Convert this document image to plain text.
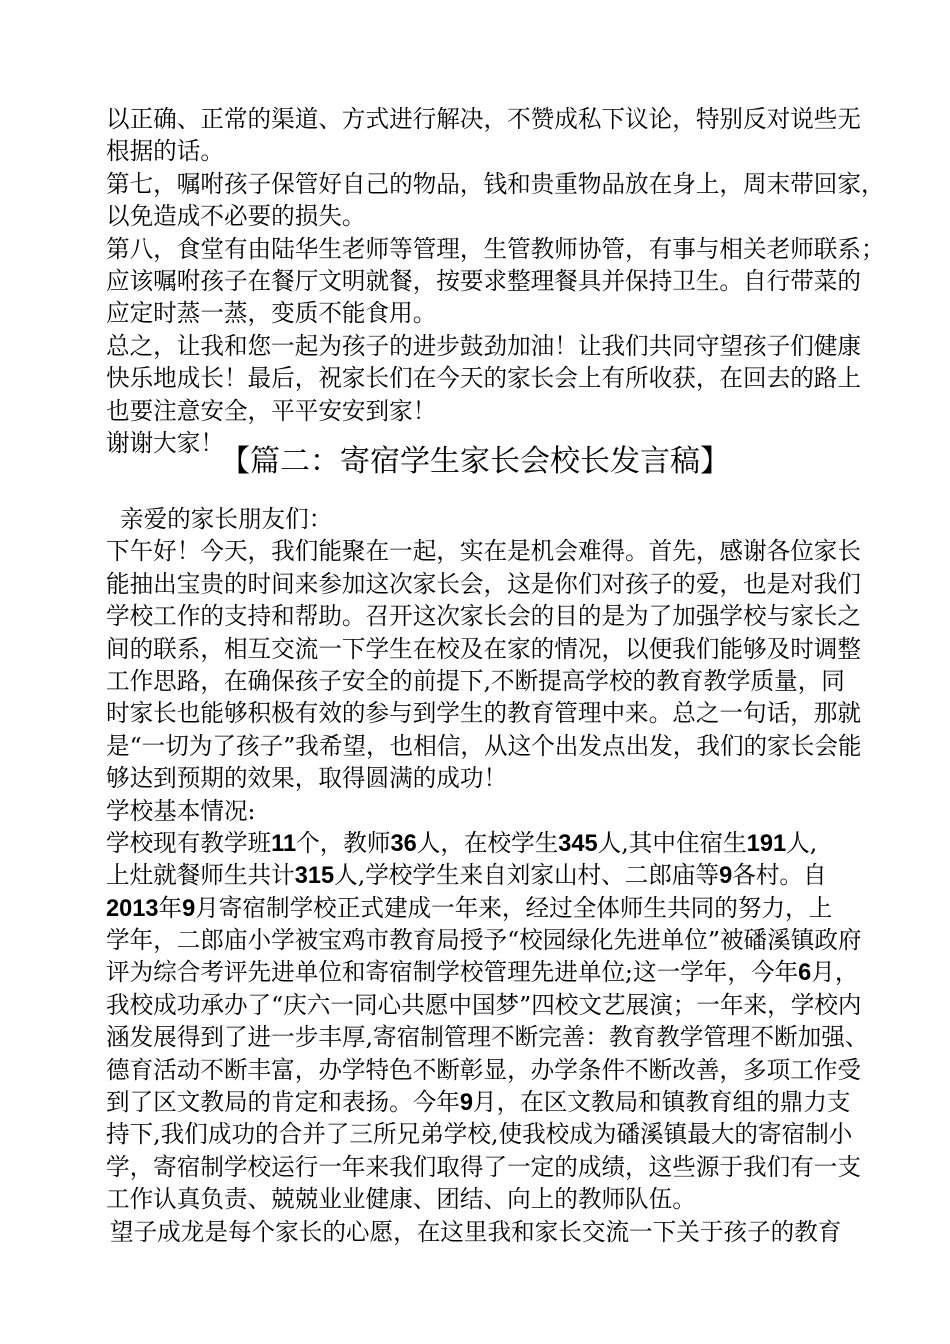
以正确、正常的渠道、方式进行解决，不赞成私下议论，特别反对说些无
根据的话。
第七，嘱咐孩子保管好自己的物品，钱和贵重物品放在身上，周末带回家，
以免造成不必要的损失。
第八，食堂有由陆华生老师等管理，生管教师协管，有事与相关老师联系；
应该嘱咐孩子在餐厅文明就餐，按要求整理餐具并保持卫生。自行带菜的
应定时蒸一蒸，变质不能食用。
总之，让我和您一起为孩子的进步鼓劲加油！让我们共同守望孩子们健康
快乐地成长！最后，祝家长们在今天的家长会上有所收获，在回去的路上
也要注意安全，平平安安到家！
谢谢大家！
【篇二：寄宿学生家长会校长发言稿】
亲爱的家长朋友们：
下午好！今天，我们能聚在一起，实在是机会难得。首先，感谢各位家长
能抽出宝贵的时间来参加这次家长会，这是你们对孩子的爱，也是对我们
学校工作的支持和帮助。召开这次家长会的目的是为了加强学校与家长之
间的联系，相互交流一下学生在校及在家的情况，以便我们能够及时调整
工作思路，在确保孩子安全的前提下,不断提高学校的教育教学质量，同
时家长也能够积极有效的参与到学生的教育管理中来。总之一句话，那就
是“一切为了孩子”我希望，也相信，从这个出发点出发，我们的家长会能
够达到预期的效果，取得圆满的成功！
学校基本情况:
学校现有教学班11个，教师36人，在校学生345人,其中住宿生191人,
上灶就餐师生共计315人,学校学生来自刘家山村、二郎庙等9各村。自
2013年9月寄宿制学校正式建成一年来，经过全体师生共同的努力，上
学年，二郎庙小学被宝鸡市教育局授予“校园绿化先进单位”被磻溪镇政府
评为综合考评先进单位和寄宿制学校管理先进单位;这一学年，今年6月，
我校成功承办了“庆六一同心共愿中国梦”四校文艺展演；一年来，学校内
涵发展得到了进一步丰厚,寄宿制管理不断完善：教育教学管理不断加强、
德育活动不断丰富，办学特色不断彰显，办学条件不断改善，多项工作受
到了区文教局的肯定和表扬。今年9月，在区文教局和镇教育组的鼎力支
持下,我们成功的合并了三所兄弟学校,使我校成为磻溪镇最大的寄宿制小
学，寄宿制学校运行一年来我们取得了一定的成绩，这些源于我们有一支
工作认真负责、兢兢业业健康、团结、向上的教师队伍。
望子成龙是每个家长的心愿，在这里我和家长交流一下关于孩子的教育
